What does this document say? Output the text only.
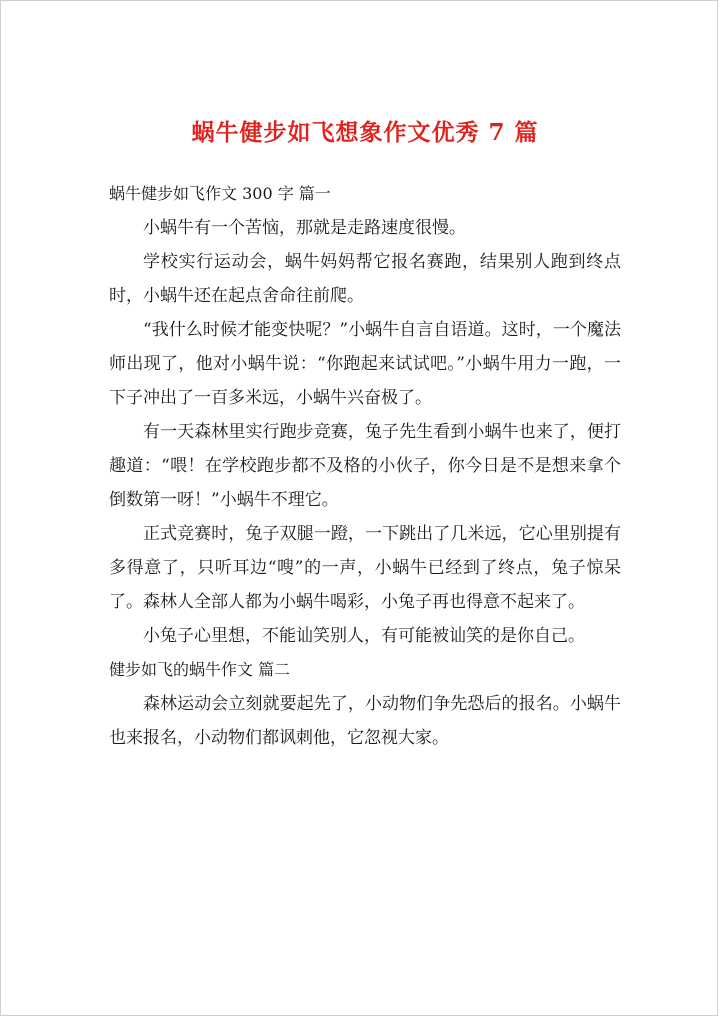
蜗牛健步如飞想象作文优秀 7 篇

蜗牛健步如飞作文 300 字 篇一

小蜗牛有一个苦恼，那就是走路速度很慢。

学校实行运动会，蜗牛妈妈帮它报名赛跑，结果别人跑到终点时，小蜗牛还在起点舍命往前爬。

“我什么时候才能变快呢？”小蜗牛自言自语道。这时，一个魔法师出现了，他对小蜗牛说：“你跑起来试试吧。”小蜗牛用力一跑，一下子冲出了一百多米远，小蜗牛兴奋极了。

有一天森林里实行跑步竞赛，兔子先生看到小蜗牛也来了，便打趣道：“喂！在学校跑步都不及格的小伙子，你今日是不是想来拿个倒数第一呀！”小蜗牛不理它。

正式竞赛时，兔子双腿一蹬，一下跳出了几米远，它心里别提有多得意了，只听耳边“嗖”的一声，小蜗牛已经到了终点，兔子惊呆了。森林人全部人都为小蜗牛喝彩，小兔子再也得意不起来了。

小兔子心里想，不能讪笑别人，有可能被讪笑的是你自己。

健步如飞的蜗牛作文 篇二

森林运动会立刻就要起先了，小动物们争先恐后的报名。小蜗牛也来报名，小动物们都讽刺他，它忽视大家。
